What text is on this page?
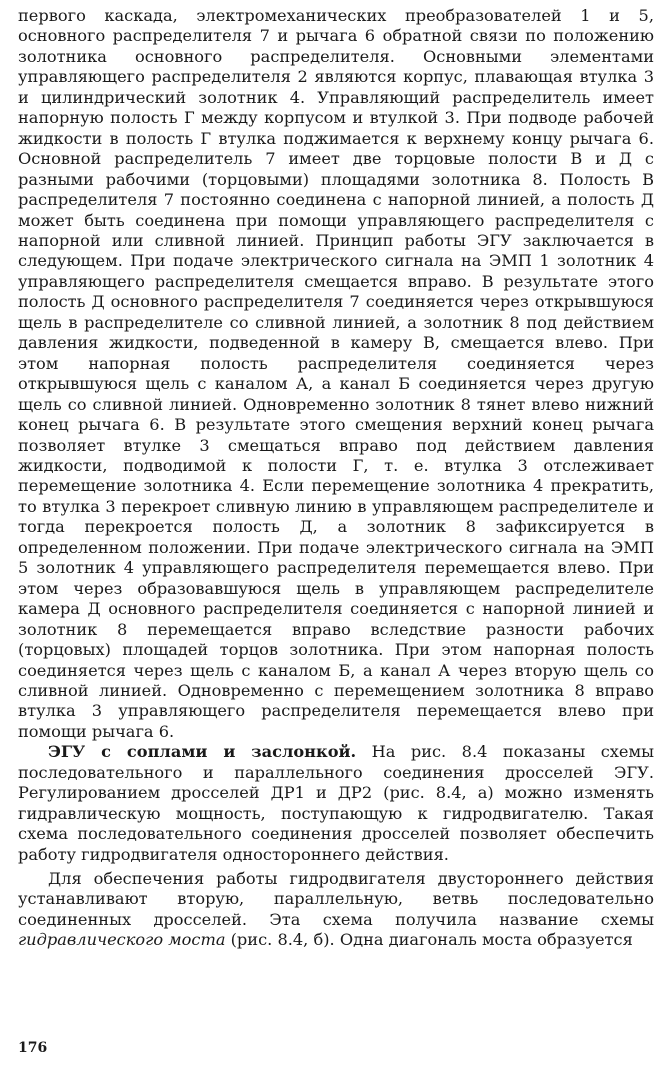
первого каскада, электромеханических преобразователей 1 и 5, основного распределителя 7 и рычага 6 обратной связи по положению золотника основного распределителя. Основными элементами управляющего распределителя 2 являются корпус, плавающая втулка 3 и цилиндрический золотник 4. Управляющий распределитель имеет напорную полость Г между корпусом и втулкой 3. При подводе рабочей жидкости в полость Г втулка поджимается к верхнему концу рычага 6. Основной распределитель 7 имеет две торцовые полости В и Д с разными рабочими (торцовыми) площадями золотника 8. Полость В распределителя 7 постоянно соединена с напорной линией, а полость Д может быть соединена при помощи управляющего распределителя с напорной или сливной линией. Принцип работы ЭГУ заключается в следующем. При подаче электрического сигнала на ЭМП 1 золотник 4 управляющего распределителя смещается вправо. В результате этого полость Д основного распределителя 7 соединяется через открывшуюся щель в распределителе со сливной линией, а золотник 8 под действием давления жидкости, подведенной в камеру В, смещается влево. При этом напорная полость распределителя соединяется через открывшуюся щель с каналом А, а канал Б соединяется через другую щель со сливной линией. Одновременно золотник 8 тянет влево нижний конец рычага 6. В результате этого смещения верхний конец рычага позволяет втулке 3 смещаться вправо под действием давления жидкости, подводимой к полости Г, т. е. втулка 3 отслеживает перемещение золотника 4. Если перемещение золотника 4 прекратить, то втулка 3 перекроет сливную линию в управляющем распределителе и тогда перекроется полость Д, а золотник 8 зафиксируется в определенном положении. При подаче электрического сигнала на ЭМП 5 золотник 4 управляющего распределителя перемещается влево. При этом через образовавшуюся щель в управляющем распределителе камера Д основного распределителя соединяется с напорной линией и золотник 8 перемещается вправо вследствие разности рабочих (торцовых) площадей торцов золотника. При этом напорная полость соединяется через щель с каналом Б, а канал А через вторую щель со сливной линией. Одновременно с перемещением золотника 8 вправо втулка 3 управляющего распределителя перемещается влево при помощи рычага 6.

ЭГУ с соплами и заслонкой. На рис. 8.4 показаны схемы последовательного и параллельного соединения дросселей ЭГУ. Регулированием дросселей ДР1 и ДР2 (рис. 8.4, а) можно изменять гидравлическую мощность, поступающую к гидродвигателю. Такая схема последовательного соединения дросселей позволяет обеспечить работу гидродвигателя одностороннего действия.

Для обеспечения работы гидродвигателя двустороннего действия устанавливают вторую, параллельную, ветвь последовательно соединенных дросселей. Эта схема получила название схемы гидравлического моста (рис. 8.4, б). Одна диагональ моста образуется

176
